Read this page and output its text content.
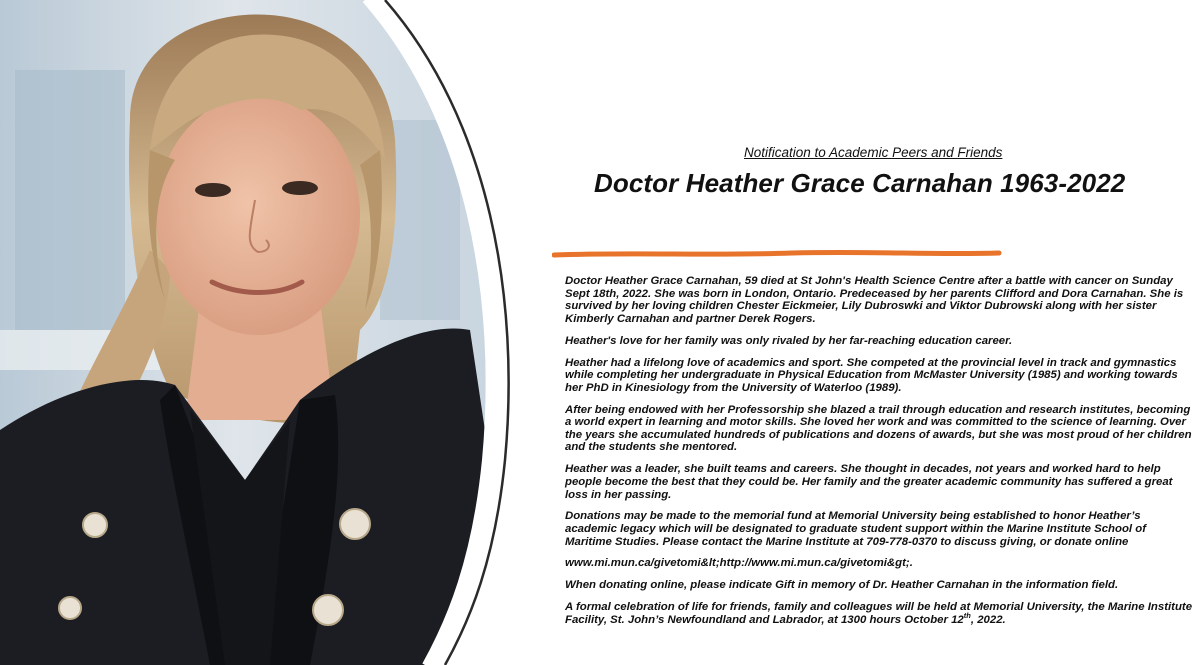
Notification to Academic Peers and Friends
Doctor Heather Grace Carnahan 1963-2022

Doctor Heather Grace Carnahan, 59 died at St John's Health Science Centre after a battle with cancer on Sunday Sept 18th, 2022. She was born in London, Ontario. Predeceased by her parents Clifford and Dora Carnahan. She is survived by her loving children Chester Eickmeier, Lily Dubroswki and Viktor Dubrowski along with her sister Kimberly Carnahan and partner Derek Rogers.

Heather's love for her family was only rivaled by her far-reaching education career.

Heather had a lifelong love of academics and sport. She competed at the provincial level in track and gymnastics while completing her undergraduate in Physical Education from McMaster University (1985) and working towards her PhD in Kinesiology from the University of Waterloo (1989).

After being endowed with her Professorship she blazed a trail through education and research institutes, becoming a world expert in learning and motor skills. She loved her work and was committed to the science of learning. Over the years she accumulated hundreds of publications and dozens of awards, but she was most proud of her children and the students she mentored.

Heather was a leader, she built teams and careers. She thought in decades, not years and worked hard to help people become the best that they could be. Her family and the greater academic community has suffered a great loss in her passing.

Donations may be made to the memorial fund at Memorial University being established to honor Heather’s academic legacy which will be designated to graduate student support within the Marine Institute School of Maritime Studies. Please contact the Marine Institute at 709-778-0370 to discuss giving, or donate online

www.mi.mun.ca/givetomi&lt;http://www.mi.mun.ca/givetomi&gt;.

When donating online, please indicate Gift in memory of Dr. Heather Carnahan in the information field.

A formal celebration of life for friends, family and colleagues will be held at Memorial University, the Marine Institute Facility, St. John’s Newfoundland and Labrador, at 1300 hours October 12th, 2022.
